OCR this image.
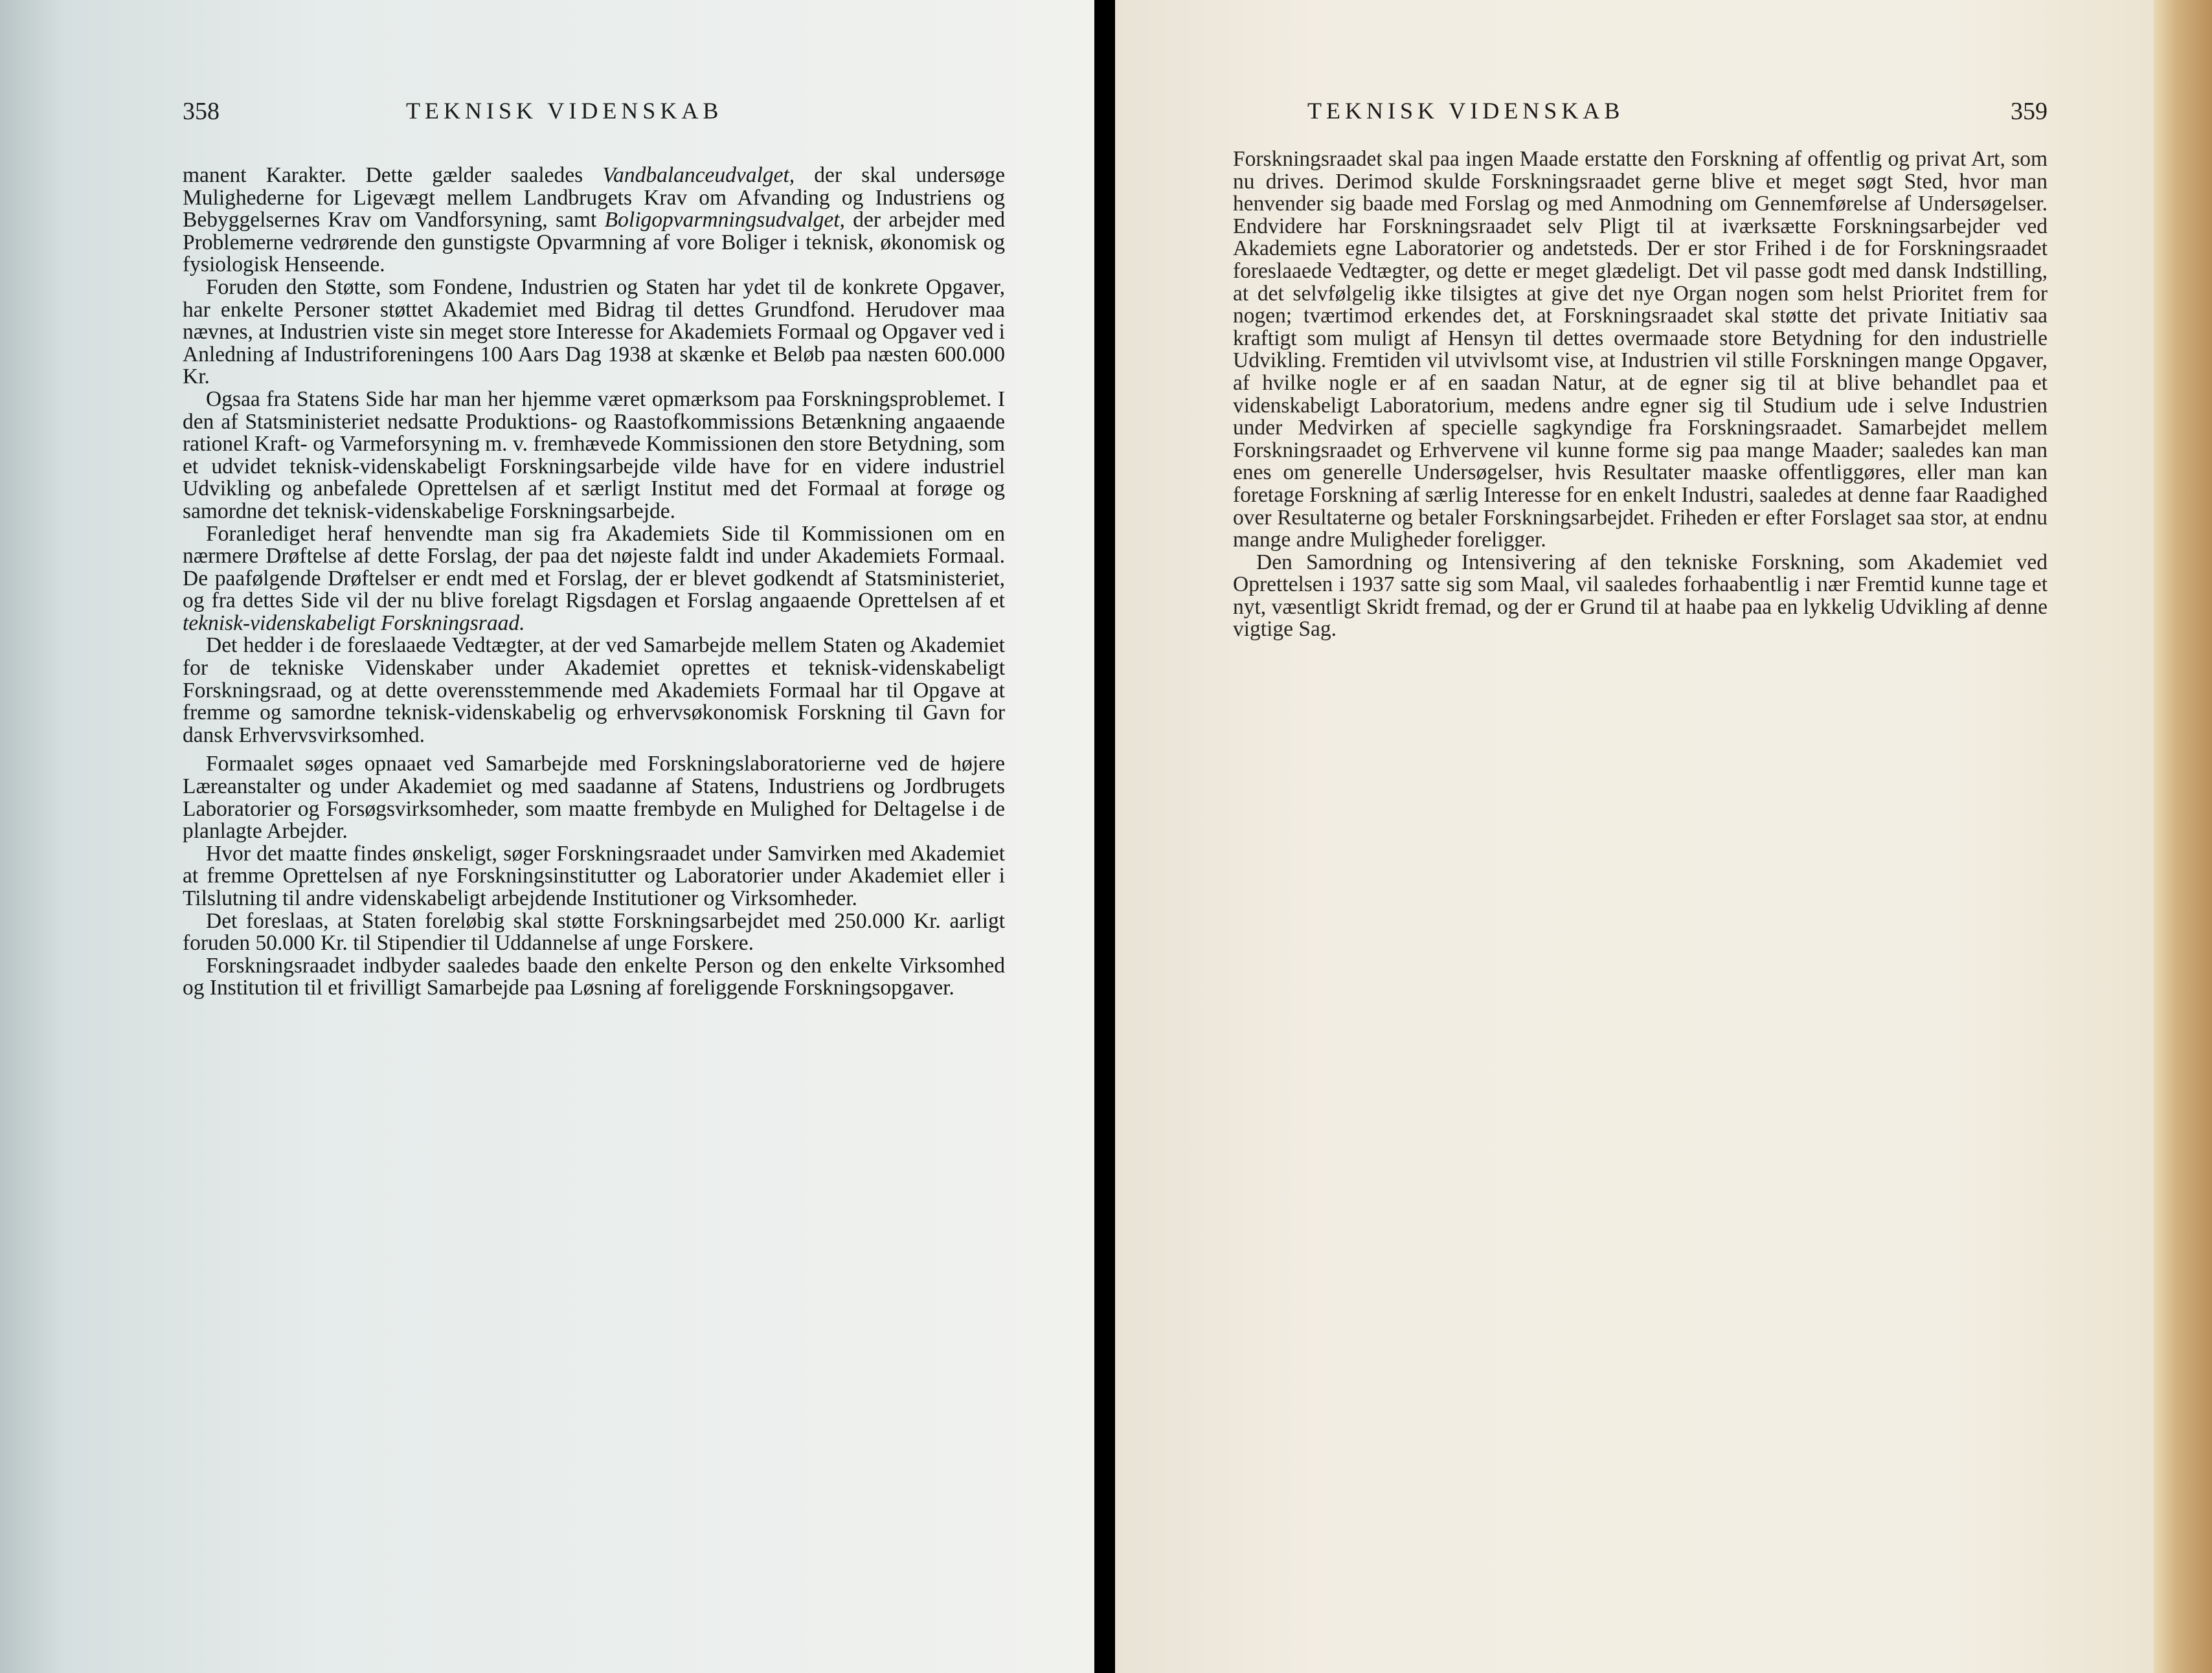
358	TEKNISK VIDENSKAB

manent Karakter. Dette gælder saaledes Vandbalanceudvalget, der skal undersøge Mulighederne for Ligevægt mellem Landbrugets Krav om Afvanding og Industriens og Bebyggelsernes Krav om Vandforsyning, samt Boligopvarmningsudvalget, der arbejder med Problemerne vedrørende den gunstigste Opvarmning af vore Boliger i teknisk, økonomisk og fysiologisk Henseende.

Foruden den Støtte, som Fondene, Industrien og Staten har ydet til de konkrete Opgaver, har enkelte Personer støttet Akademiet med Bidrag til dettes Grundfond. Herudover maa nævnes, at Industrien viste sin meget store Interesse for Akademiets Formaal og Opgaver ved i Anledning af Industriforeningens 100 Aars Dag 1938 at skænke et Beløb paa næsten 600.000 Kr.

Ogsaa fra Statens Side har man her hjemme været opmærksom paa Forskningsproblemet. I den af Statsministeriet nedsatte Produktions- og Raastofkommissions Betænkning angaaende rationel Kraft- og Varmeforsyning m. v. fremhævede Kommissionen den store Betydning, som et udvidet teknisk-videnskabeligt Forskningsarbejde vilde have for en videre industriel Udvikling og anbefalede Oprettelsen af et særligt Institut med det Formaal at forøge og samordne det teknisk-videnskabelige Forskningsarbejde.

Foranlediget heraf henvendte man sig fra Akademiets Side til Kommissionen om en nærmere Drøftelse af dette Forslag, der paa det nøjeste faldt ind under Akademiets Formaal. De paafølgende Drøftelser er endt med et Forslag, der er blevet godkendt af Statsministeriet, og fra dettes Side vil der nu blive forelagt Rigsdagen et Forslag angaaende Oprettelsen af et teknisk-videnskabeligt Forskningsraad.

Det hedder i de foreslaaede Vedtægter, at der ved Samarbejde mellem Staten og Akademiet for de tekniske Videnskaber under Akademiet oprettes et teknisk-videnskabeligt Forskningsraad, og at dette overensstemmende med Akademiets Formaal har til Opgave at fremme og samordne teknisk-videnskabelig og erhvervsøkonomisk Forskning til Gavn for dansk Erhvervsvirksomhed.

Formaalet søges opnaaet ved Samarbejde med Forskningslaboratorierne ved de højere Læreanstalter og under Akademiet og med saadanne af Statens, Industriens og Jordbrugets Laboratorier og Forsøgsvirksomheder, som maatte frembyde en Mulighed for Deltagelse i de planlagte Arbejder.

Hvor det maatte findes ønskeligt, søger Forskningsraadet under Samvirken med Akademiet at fremme Oprettelsen af nye Forskningsinstitutter og Laboratorier under Akademiet eller i Tilslutning til andre videnskabeligt arbejdende Institutioner og Virksomheder.

Det foreslaas, at Staten foreløbig skal støtte Forskningsarbejdet med 250.000 Kr. aarligt foruden 50.000 Kr. til Stipendier til Uddannelse af unge Forskere.

Forskningsraadet indbyder saaledes baade den enkelte Person og den enkelte Virksomhed og Institution til et frivilligt Samarbejde paa Løsning af foreliggende Forskningsopgaver.

TEKNISK VIDENSKAB	359

Forskningsraadet skal paa ingen Maade erstatte den Forskning af offentlig og privat Art, som nu drives. Derimod skulde Forskningsraadet gerne blive et meget søgt Sted, hvor man henvender sig baade med Forslag og med Anmodning om Gennemførelse af Undersøgelser. Endvidere har Forskningsraadet selv Pligt til at iværksætte Forskningsarbejder ved Akademiets egne Laboratorier og andetsteds. Der er stor Frihed i de for Forskningsraadet foreslaaede Vedtægter, og dette er meget glædeligt. Det vil passe godt med dansk Indstilling, at det selvfølgelig ikke tilsigtes at give det nye Organ nogen som helst Prioritet frem for nogen; tværtimod erkendes det, at Forskningsraadet skal støtte det private Initiativ saa kraftigt som muligt af Hensyn til dettes overmaade store Betydning for den industrielle Udvikling. Fremtiden vil utvivlsomt vise, at Industrien vil stille Forskningen mange Opgaver, af hvilke nogle er af en saadan Natur, at de egner sig til at blive behandlet paa et videnskabeligt Laboratorium, medens andre egner sig til Studium ude i selve Industrien under Medvirken af specielle sagkyndige fra Forskningsraadet. Samarbejdet mellem Forskningsraadet og Erhvervene vil kunne forme sig paa mange Maader; saaledes kan man enes om generelle Undersøgelser, hvis Resultater maaske offentliggøres, eller man kan foretage Forskning af særlig Interesse for en enkelt Industri, saaledes at denne faar Raadighed over Resultaterne og betaler Forskningsarbejdet. Friheden er efter Forslaget saa stor, at endnu mange andre Muligheder foreligger.

Den Samordning og Intensivering af den tekniske Forskning, som Akademiet ved Oprettelsen i 1937 satte sig som Maal, vil saaledes forhaabentlig i nær Fremtid kunne tage et nyt, væsentligt Skridt fremad, og der er Grund til at haabe paa en lykkelig Udvikling af denne vigtige Sag.
